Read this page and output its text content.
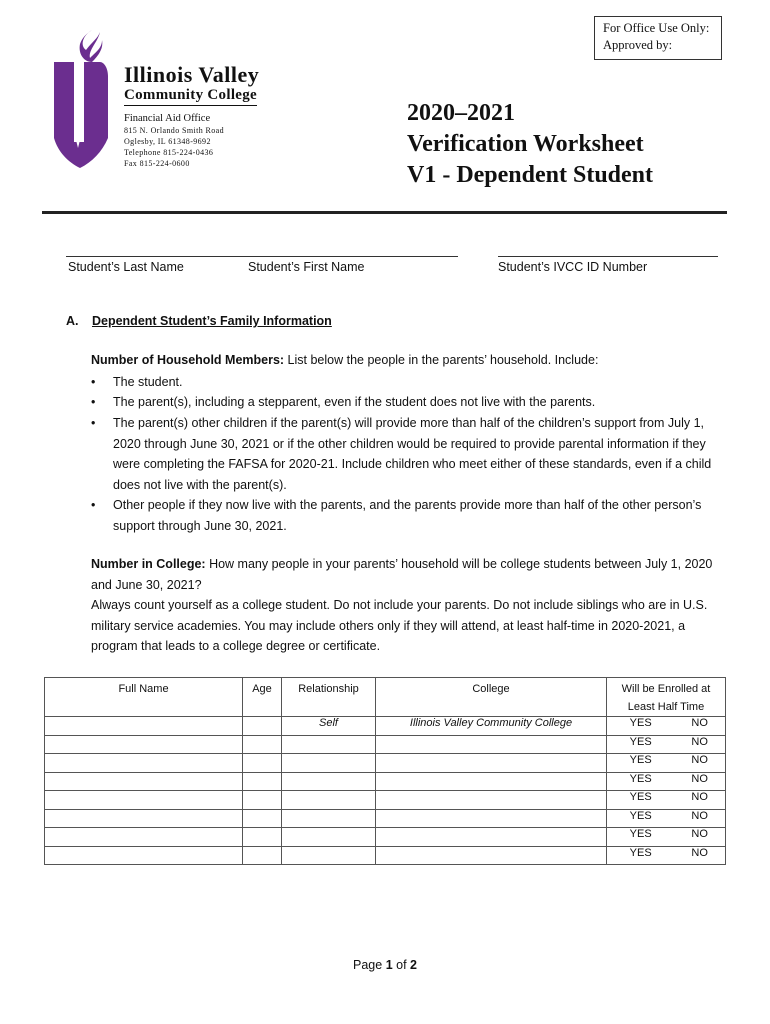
For Office Use Only:
Approved by:
Illinois Valley
Community College
Financial Aid Office
815 N. Orlando Smith Road
Oglesby, IL 61348-9692
Telephone 815-224-0436
Fax 815-224-0600
2020–2021
Verification Worksheet
V1 - Dependent Student
Student’s Last Name	Student’s First Name	Student’s IVCC ID Number
A. Dependent Student’s Family Information
Number of Household Members: List below the people in the parents’ household. Include:
• The student.
• The parent(s), including a stepparent, even if the student does not live with the parents.
• The parent(s) other children if the parent(s) will provide more than half of the children’s support from July 1, 2020 through June 30, 2021 or if the other children would be required to provide parental information if they were completing the FAFSA for 2020-21. Include children who meet either of these standards, even if a child does not live with the parent(s).
• Other people if they now live with the parents, and the parents provide more than half of the other person’s support through June 30, 2021.
Number in College: How many people in your parents’ household will be college students between July 1, 2020 and June 30, 2021?
Always count yourself as a college student. Do not include your parents. Do not include siblings who are in U.S. military service academies. You may include others only if they will attend, at least half-time in 2020-2021, a program that leads to a college degree or certificate.
Full Name	Age	Relationship	College	Will be Enrolled at Least Half Time	
		Self	Illinois Valley Community College	YES	NO
				YES	NO
				YES	NO
				YES	NO
				YES	NO
				YES	NO
				YES	NO
				YES	NO
Page 1 of 2
